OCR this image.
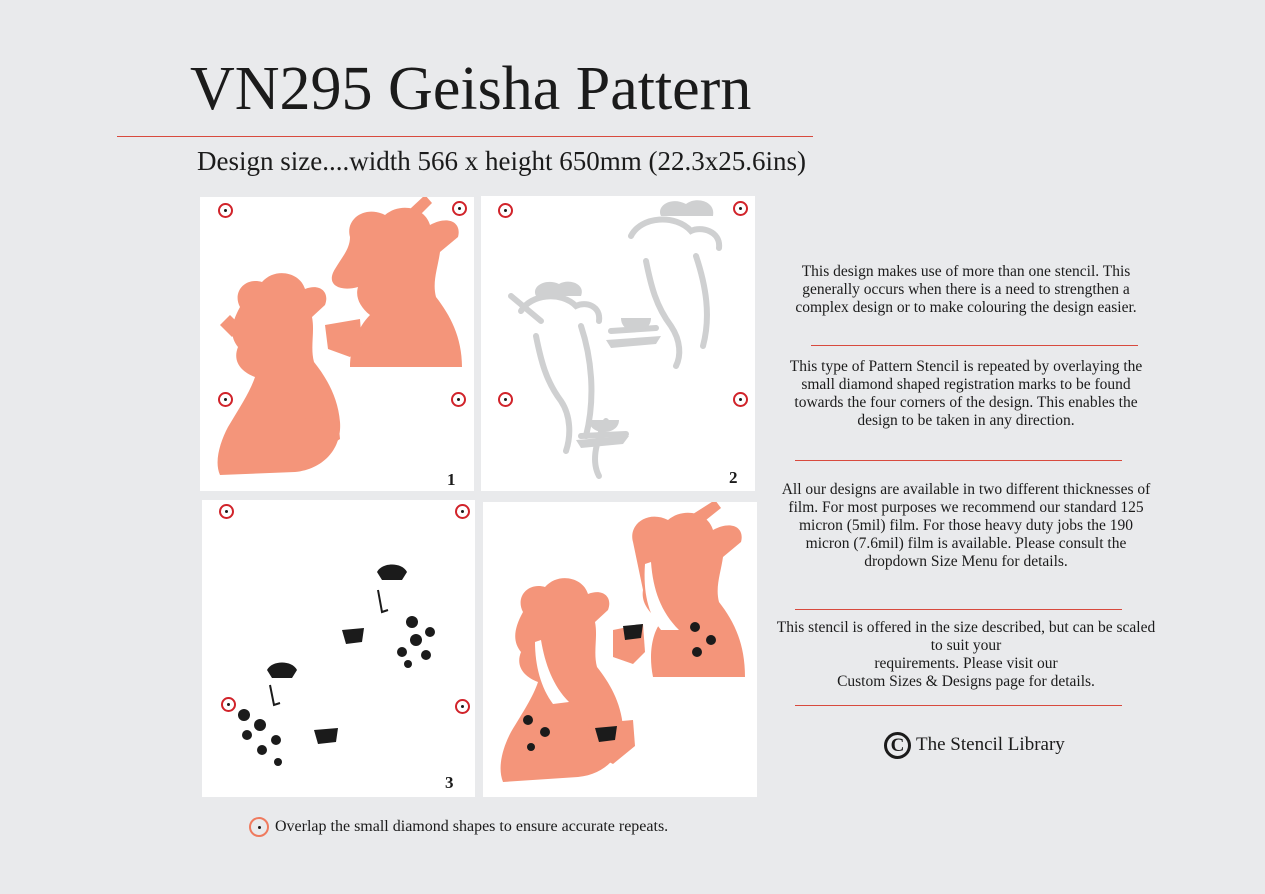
VN295 Geisha Pattern
Design size....width 566 x height 650mm (22.3x25.6ins)
1	2
3

This design makes use of more than one stencil. This generally occurs when there is a need to strengthen a complex design or to make colouring the design easier.

This type of Pattern Stencil is repeated by overlaying the small diamond shaped registration marks to be found towards the four corners of the design. This enables the design to be taken in any direction.

All our designs are available in two different thicknesses of film. For most purposes we recommend our standard 125 micron (5mil) film. For those heavy duty jobs the 190 micron (7.6mil) film is available. Please consult the dropdown Size Menu for details.

This stencil is offered in the size described, but can be scaled to suit your

requirements. Please visit our

Custom Sizes & Designs page for details.

C The Stencil Library
Overlap the small diamond shapes to ensure accurate repeats.
